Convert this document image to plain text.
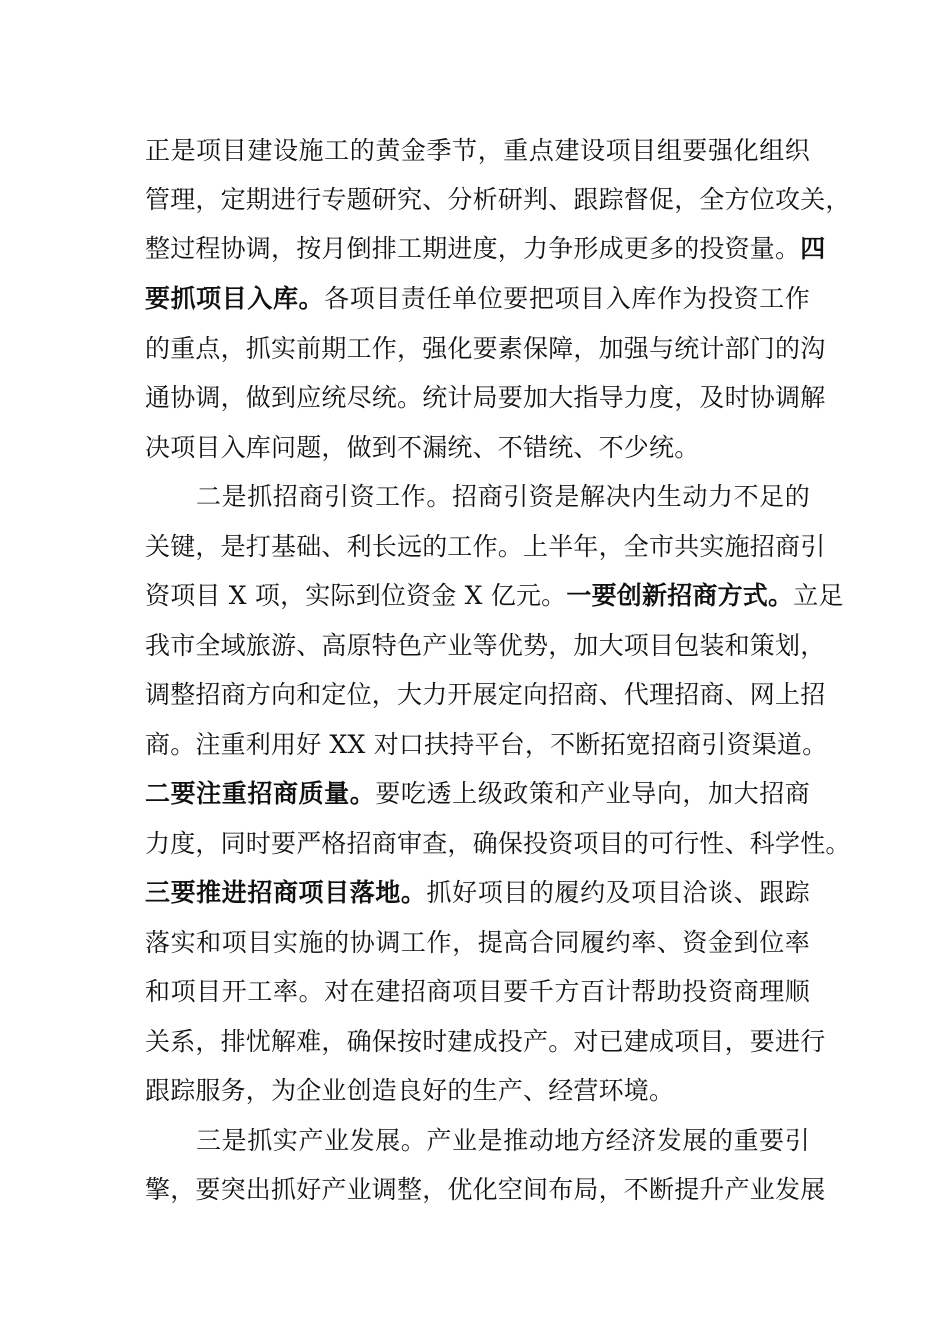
正是项目建设施工的黄金季节，重点建设项目组要强化组织
管理，定期进行专题研究、分析研判、跟踪督促，全方位攻关，
整过程协调，按月倒排工期进度，力争形成更多的投资量。四
要抓项目入库。各项目责任单位要把项目入库作为投资工作
的重点，抓实前期工作，强化要素保障，加强与统计部门的沟
通协调，做到应统尽统。统计局要加大指导力度，及时协调解
决项目入库问题，做到不漏统、不错统、不少统。
二是抓招商引资工作。招商引资是解决内生动力不足的
关键，是打基础、利长远的工作。上半年，全市共实施招商引
资项目 X 项，实际到位资金 X 亿元。一要创新招商方式。立足
我市全域旅游、高原特色产业等优势，加大项目包装和策划，
调整招商方向和定位，大力开展定向招商、代理招商、网上招
商。注重利用好 XX 对口扶持平台，不断拓宽招商引资渠道。
二要注重招商质量。要吃透上级政策和产业导向，加大招商
力度，同时要严格招商审查，确保投资项目的可行性、科学性。
三要推进招商项目落地。抓好项目的履约及项目洽谈、跟踪
落实和项目实施的协调工作，提高合同履约率、资金到位率
和项目开工率。对在建招商项目要千方百计帮助投资商理顺
关系，排忧解难，确保按时建成投产。对已建成项目，要进行
跟踪服务，为企业创造良好的生产、经营环境。
三是抓实产业发展。产业是推动地方经济发展的重要引
擎，要突出抓好产业调整，优化空间布局，不断提升产业发展
